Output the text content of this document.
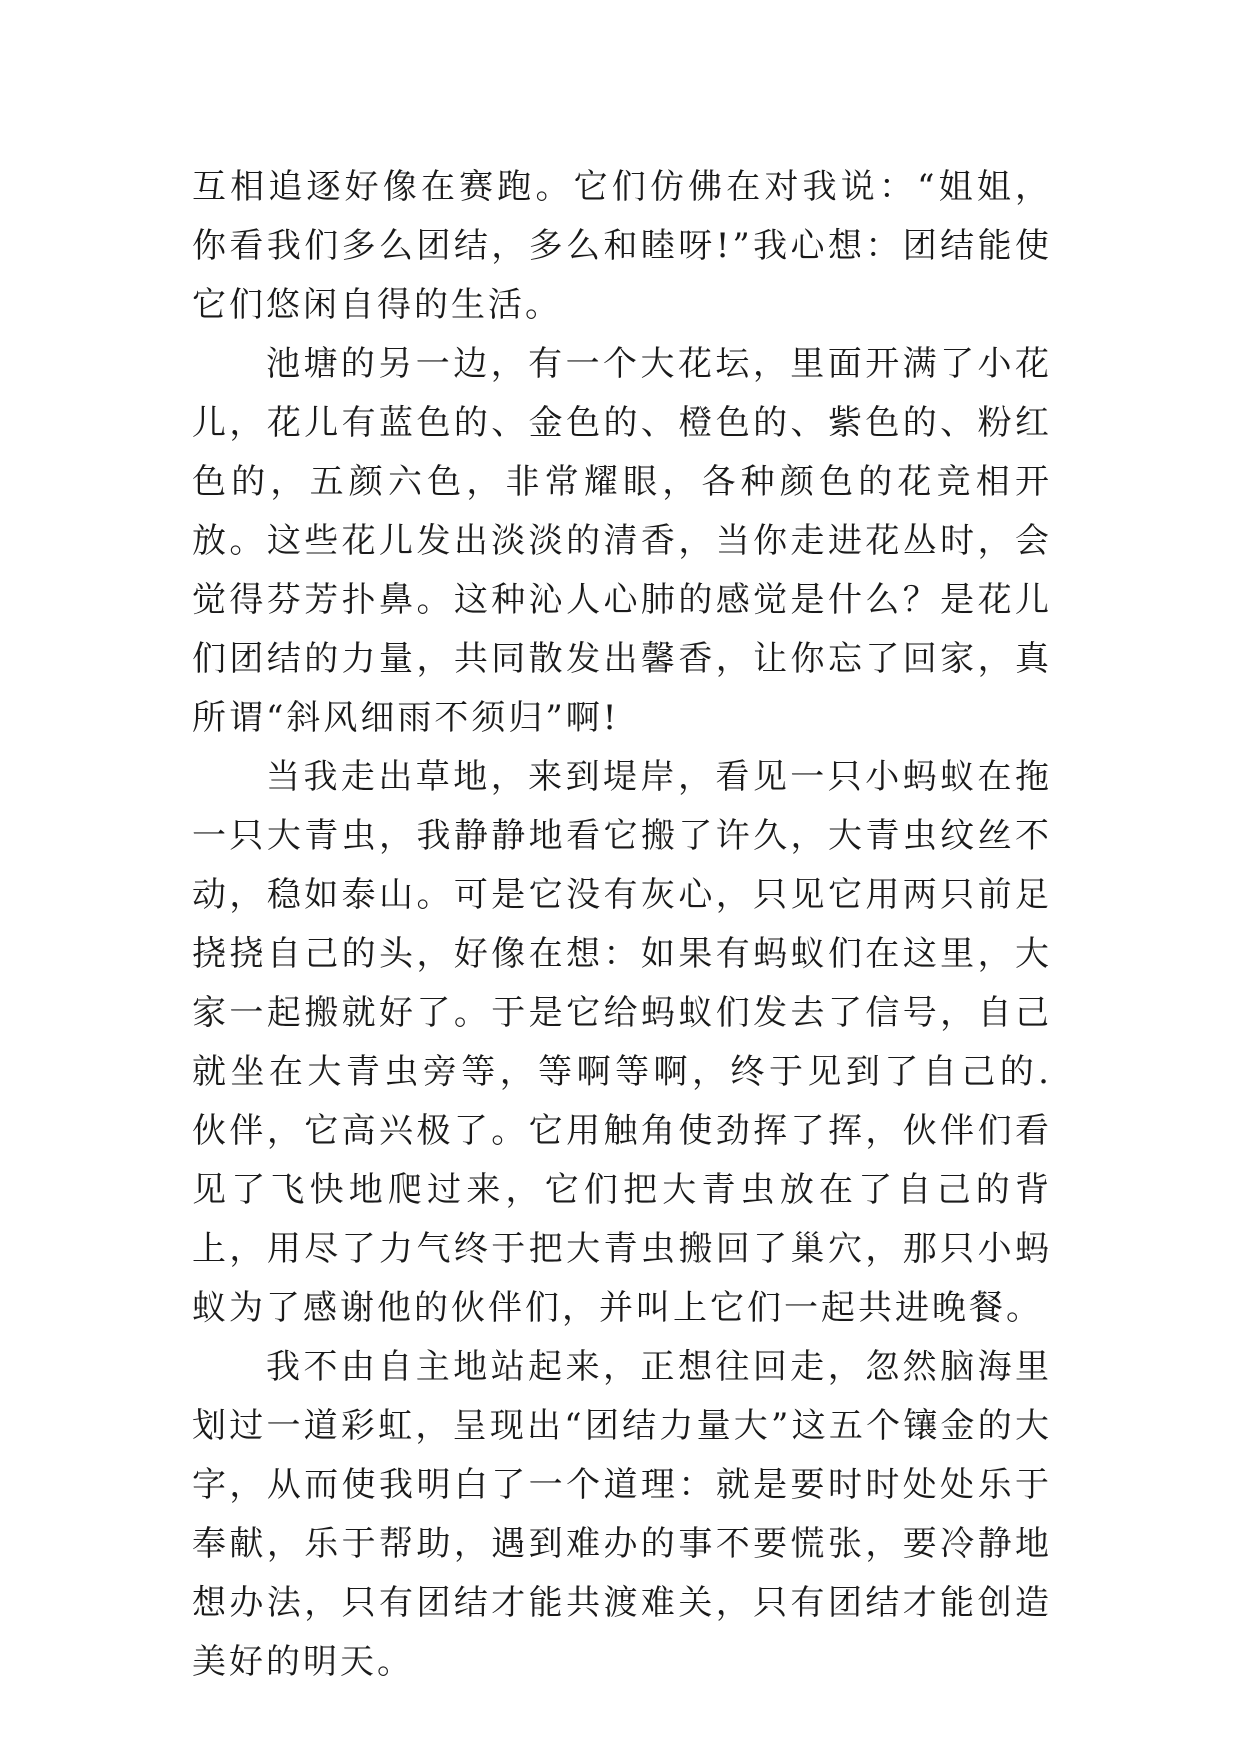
互相追逐好像在赛跑。它们仿佛在对我说：“姐姐，你看我们多么团结，多么和睦呀!”我心想：团结能使它们悠闲自得的生活。

池塘的另一边，有一个大花坛，里面开满了小花儿，花儿有蓝色的、金色的、橙色的、紫色的、粉红色的，五颜六色，非常耀眼，各种颜色的花竞相开放。这些花儿发出淡淡的清香，当你走进花丛时，会觉得芬芳扑鼻。这种沁人心肺的感觉是什么？是花儿们团结的力量，共同散发出馨香，让你忘了回家，真所谓“斜风细雨不须归”啊!

当我走出草地，来到堤岸，看见一只小蚂蚁在拖一只大青虫，我静静地看它搬了许久，大青虫纹丝不动，稳如泰山。可是它没有灰心，只见它用两只前足挠挠自己的头，好像在想：如果有蚂蚁们在这里，大家一起搬就好了。于是它给蚂蚁们发去了信号，自己就坐在大青虫旁等，等啊等啊，终于见到了自己的.伙伴，它高兴极了。它用触角使劲挥了挥，伙伴们看见了飞快地爬过来，它们把大青虫放在了自己的背上，用尽了力气终于把大青虫搬回了巢穴，那只小蚂蚁为了感谢他的伙伴们，并叫上它们一起共进晚餐。

我不由自主地站起来，正想往回走，忽然脑海里划过一道彩虹，呈现出“团结力量大”这五个镶金的大字，从而使我明白了一个道理：就是要时时处处乐于奉献，乐于帮助，遇到难办的事不要慌张，要冷静地想办法，只有团结才能共渡难关，只有团结才能创造美好的明天。
